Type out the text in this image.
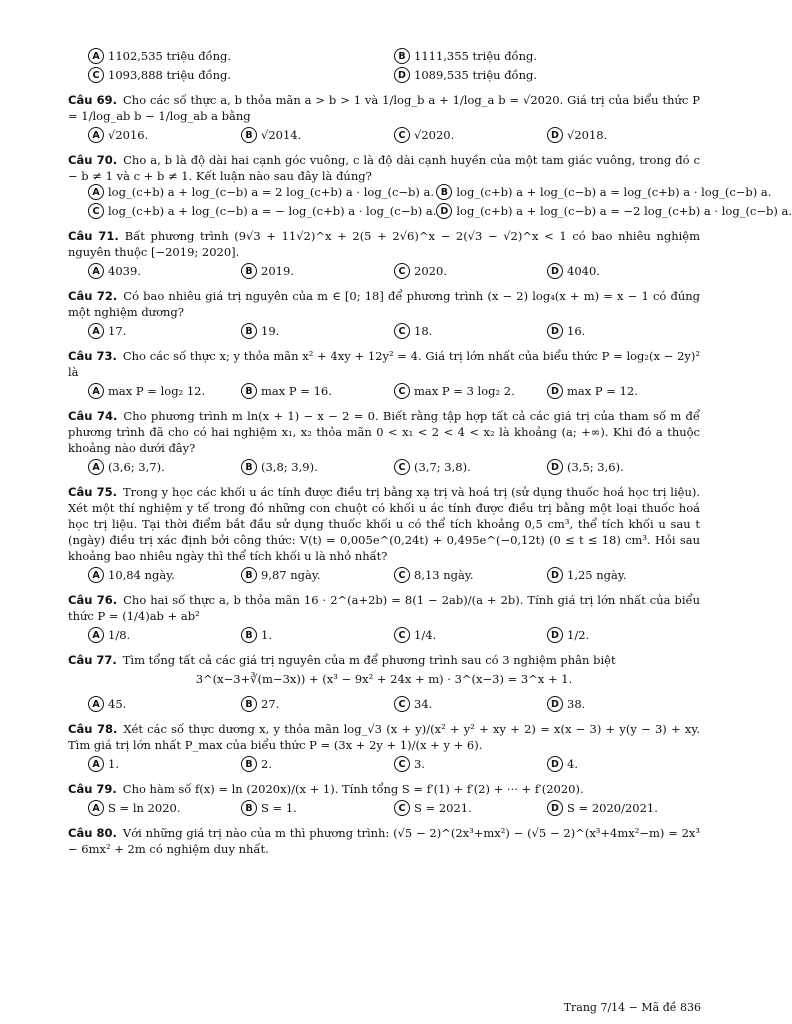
A 1102,535 triệu đồng.	B 1111,355 triệu đồng.
C 1093,888 triệu đồng.	D 1089,535 triệu đồng.
Câu 69. Cho các số thực a, b thỏa mãn a > b > 1 và 1/log_b a + 1/log_a b = √2020. Giá trị của biểu thức P = 1/log_ab b − 1/log_ab a bằng
A √2016.	B √2014.	C √2020.	D √2018.
Câu 70. Cho a, b là độ dài hai cạnh góc vuông, c là độ dài cạnh huyền của một tam giác vuông, trong đó c − b ≠ 1 và c + b ≠ 1. Kết luận nào sau đây là đúng?
A log_(c+b) a + log_(c−b) a = 2 log_(c+b) a · log_(c−b) a. B log_(c+b) a + log_(c−b) a = log_(c+b) a · log_(c−b) a.
C log_(c+b) a + log_(c−b) a = − log_(c+b) a · log_(c−b) a. D log_(c+b) a + log_(c−b) a = −2 log_(c+b) a · log_(c−b) a.
Câu 71. Bất phương trình (9√3 + 11√2)^x + 2(5 + 2√6)^x − 2(√3 − √2)^x < 1 có bao nhiêu nghiệm nguyên thuộc [−2019; 2020].
A 4039.	B 2019.	C 2020.	D 4040.
Câu 72. Có bao nhiêu giá trị nguyên của m ∈ [0; 18] để phương trình (x − 2) log₄(x + m) = x − 1 có đúng một nghiệm dương?
A 17.	B 19.	C 18.	D 16.
Câu 73. Cho các số thực x; y thỏa mãn x² + 4xy + 12y² = 4. Giá trị lớn nhất của biểu thức P = log₂(x − 2y)² là
A max P = log₂ 12.	B max P = 16.	C max P = 3 log₂ 2.	D max P = 12.
Câu 74. Cho phương trình m ln(x + 1) − x − 2 = 0. Biết rằng tập hợp tất cả các giá trị của tham số m để phương trình đã cho có hai nghiệm x₁, x₂ thỏa mãn 0 < x₁ < 2 < 4 < x₂ là khoảng (a; +∞). Khi đó a thuộc khoảng nào dưới đây?
A (3,6; 3,7).	B (3,8; 3,9).	C (3,7; 3,8).	D (3,5; 3,6).
Câu 75. Trong y học các khối u ác tính được điều trị bằng xạ trị và hoá trị (sử dụng thuốc hoá học trị liệu). Xét một thí nghiệm y tế trong đó những con chuột có khối u ác tính được điều trị bằng một loại thuốc hoá học trị liệu. Tại thời điểm bắt đầu sử dụng thuốc khối u có thể tích khoảng 0,5 cm³, thể tích khối u sau t (ngày) điều trị xác định bởi công thức: V(t) = 0,005e^(0,24t) + 0,495e^(−0,12t) (0 ≤ t ≤ 18) cm³. Hỏi sau khoảng bao nhiêu ngày thì thể tích khối u là nhỏ nhất?
A 10,84 ngày.	B 9,87 ngày.	C 8,13 ngày.	D 1,25 ngày.
Câu 76. Cho hai số thực a, b thỏa mãn 16 · 2^(a+2b) = 8(1 − 2ab)/(a + 2b). Tính giá trị lớn nhất của biểu thức P = (1/4)ab + ab²
A 1/8.	B 1.	C 1/4.	D 1/2.
Câu 77. Tìm tổng tất cả các giá trị nguyên của m để phương trình sau có 3 nghiệm phân biệt
3^(x−3+∛(m−3x)) + (x³ − 9x² + 24x + m) · 3^(x−3) = 3^x + 1.
A 45.	B 27.	C 34.	D 38.
Câu 78. Xét các số thực dương x, y thỏa mãn log_√3 (x + y)/(x² + y² + xy + 2) = x(x − 3) + y(y − 3) + xy. Tìm giá trị lớn nhất P_max của biểu thức P = (3x + 2y + 1)/(x + y + 6).
A 1.	B 2.	C 3.	D 4.
Câu 79. Cho hàm số f(x) = ln (2020x)/(x + 1). Tính tổng S = f′(1) + f′(2) + ··· + f′(2020).
A S = ln 2020.	B S = 1.	C S = 2021.	D S = 2020/2021.
Câu 80. Với những giá trị nào của m thì phương trình: (√5 − 2)^(2x³+mx²) − (√5 − 2)^(x³+4mx²−m) = 2x³ − 6mx² + 2m có nghiệm duy nhất.
Trang 7/14 − Mã đề 836
